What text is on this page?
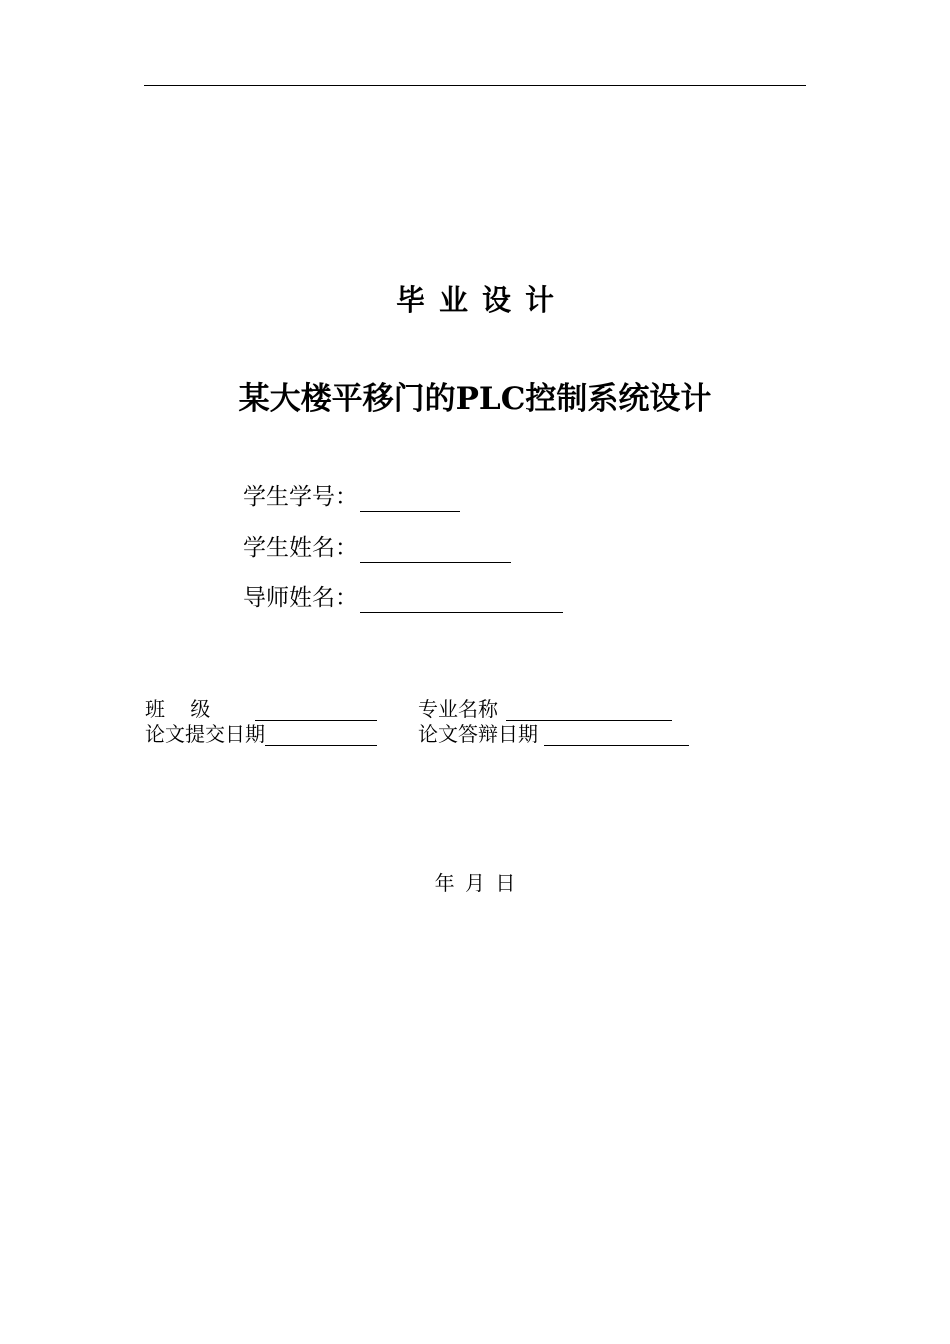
毕业设计
某大楼平移门的PLC控制系统设计
学生学号：
学生姓名：
导师姓名：
班    级	专业名称
论文提交日期	论文答辩日期
年 月 日
